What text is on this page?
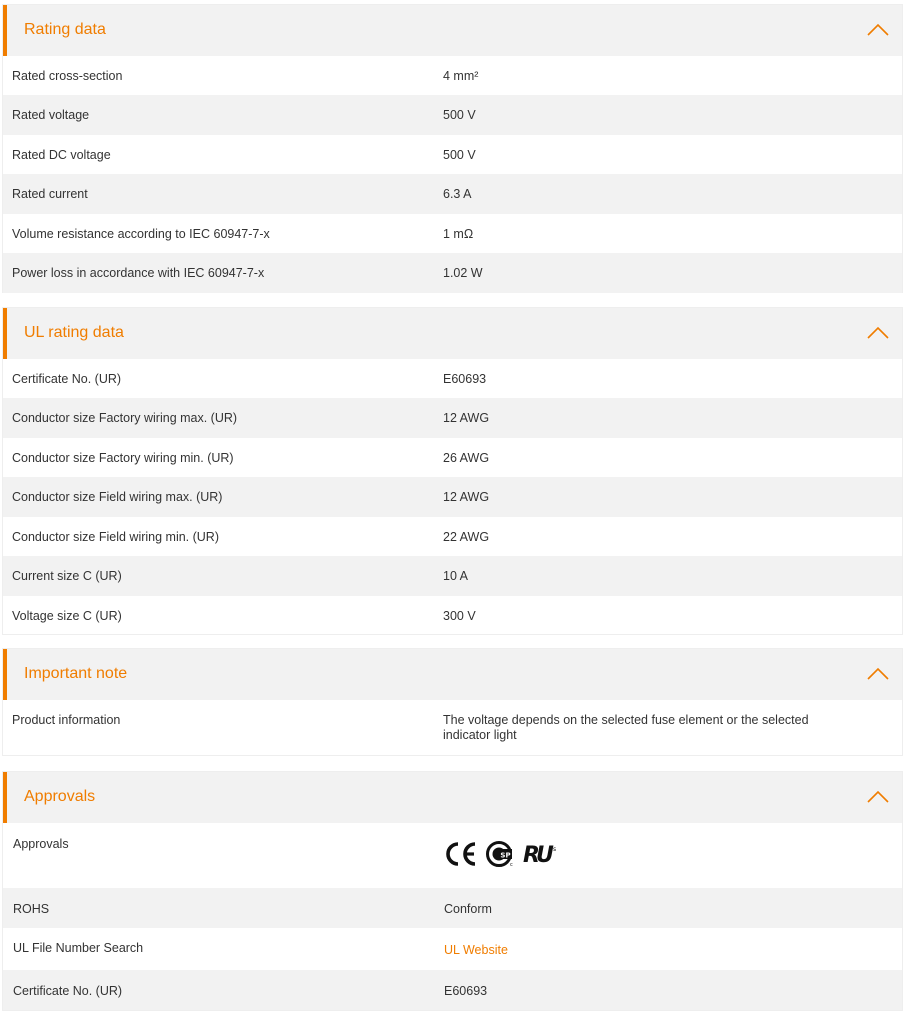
Rating data
Rated cross-section	4 mm²
Rated voltage	500 V
Rated DC voltage	500 V
Rated current	6.3 A
Volume resistance according to IEC 60947-7-x	1 mΩ
Power loss in accordance with IEC 60947-7-x	1.02 W
UL rating data
Certificate No. (UR)	E60693
Conductor size Factory wiring max. (UR)	12 AWG
Conductor size Factory wiring min. (UR)	26 AWG
Conductor size Field wiring max. (UR)	12 AWG
Conductor size Field wiring min. (UR)	22 AWG
Current size C (UR)	10 A
Voltage size C (UR)	300 V
Important note
Product information	The voltage depends on the selected fuse element or the selected
indicator light
Approvals
Approvals
SP
c R
U s
ROHS	Conform
UL File Number Search	UL Website
Certificate No. (UR)	E60693
